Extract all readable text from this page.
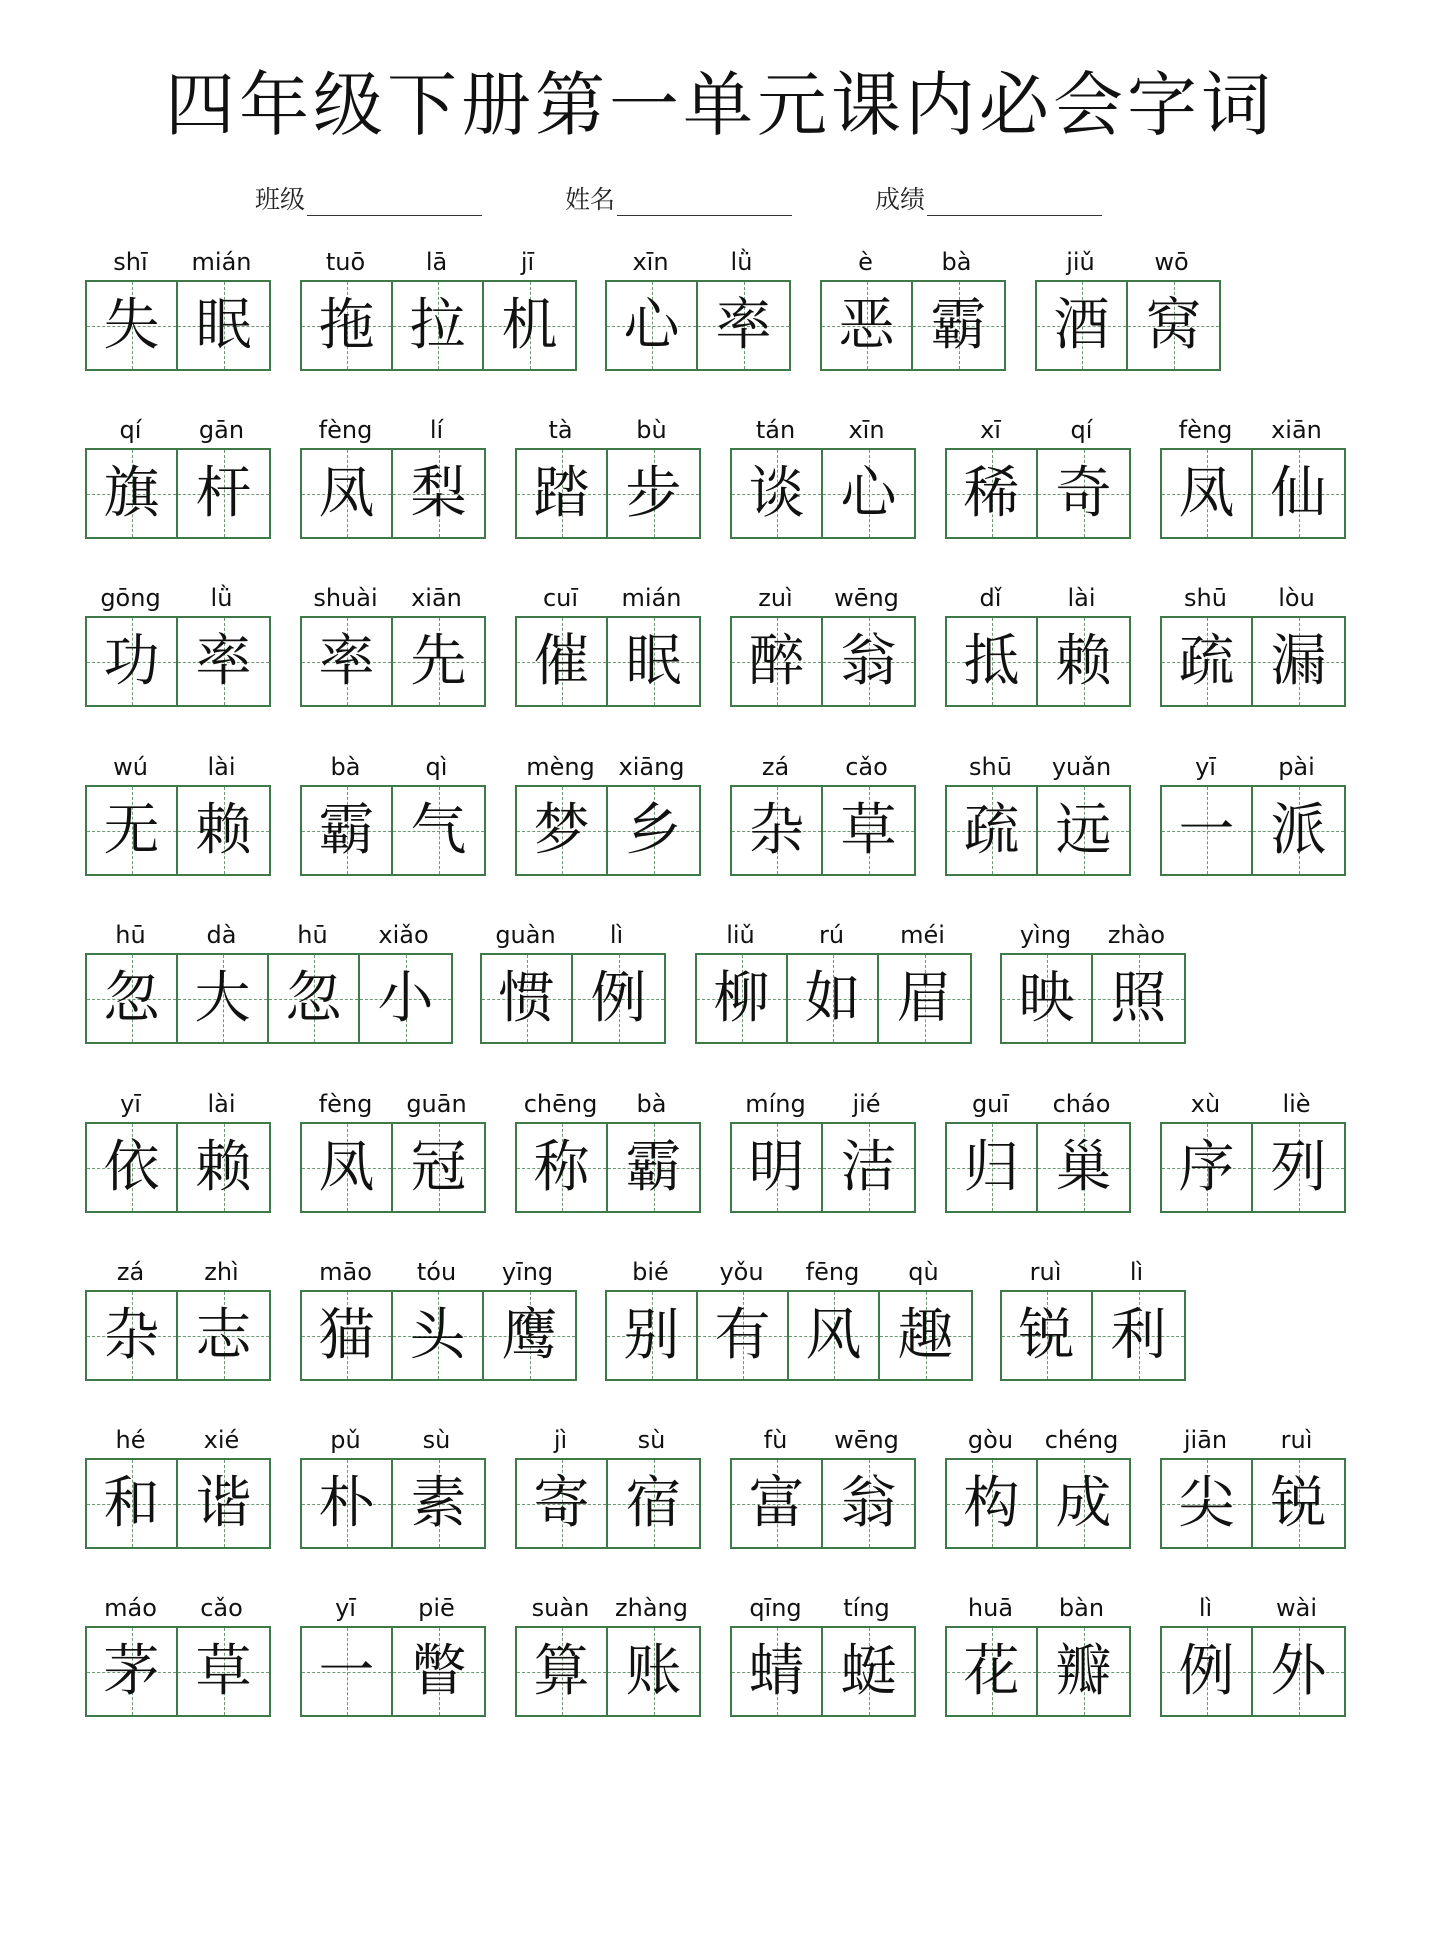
四年级下册第一单元课内必会字词
班级	姓名	成绩
shī	mián
失 眠
tuō	lā	jī
拖 拉 机
xīn	lǜ
心 率
è	bà
恶 霸
jiǔ	wō
酒 窝
qí	gān
旗 杆
fèng	lí
凤 梨
tà	bù
踏 步
tán	xīn
谈 心
xī	qí
稀 奇
fèng	xiān
凤 仙
gōng	lǜ
功 率
shuài	xiān
率 先
cuī	mián
催 眠
zuì	wēng
醉 翁
dǐ	lài
抵 赖
shū	lòu
疏 漏
wú	lài
无 赖
bà	qì
霸 气
mèng xiāng
梦 乡
zá	cǎo
杂 草
shū	yuǎn
疏 远
yī	pài
一 派
hū	dà	hū	xiǎo
忽 大 忽 小
guàn	lì
惯 例
liǔ	rú	méi
柳 如 眉
yìng	zhào
映 照
yī	lài
依 赖
fèng	guān
凤 冠
chēng	bà
称 霸
míng	jié
明 洁
guī	cháo
归 巢
xù	liè
序 列
zá	zhì
杂 志
māo	tóu	yīng
猫 头 鹰
bié	yǒu	fēng	qù
别 有 风 趣
ruì	lì
锐 利
hé	xié
和 谐
pǔ	sù
朴 素
jì	sù
寄 宿
fù	wēng
富 翁
gòu	chéng
构 成
jiān	ruì
尖 锐
máo	cǎo
茅 草
yī	piē
一 瞥
suàn	zhàng
算 账
qīng	tíng
蜻 蜓
huā	bàn
花 瓣
lì	wài
例 外
